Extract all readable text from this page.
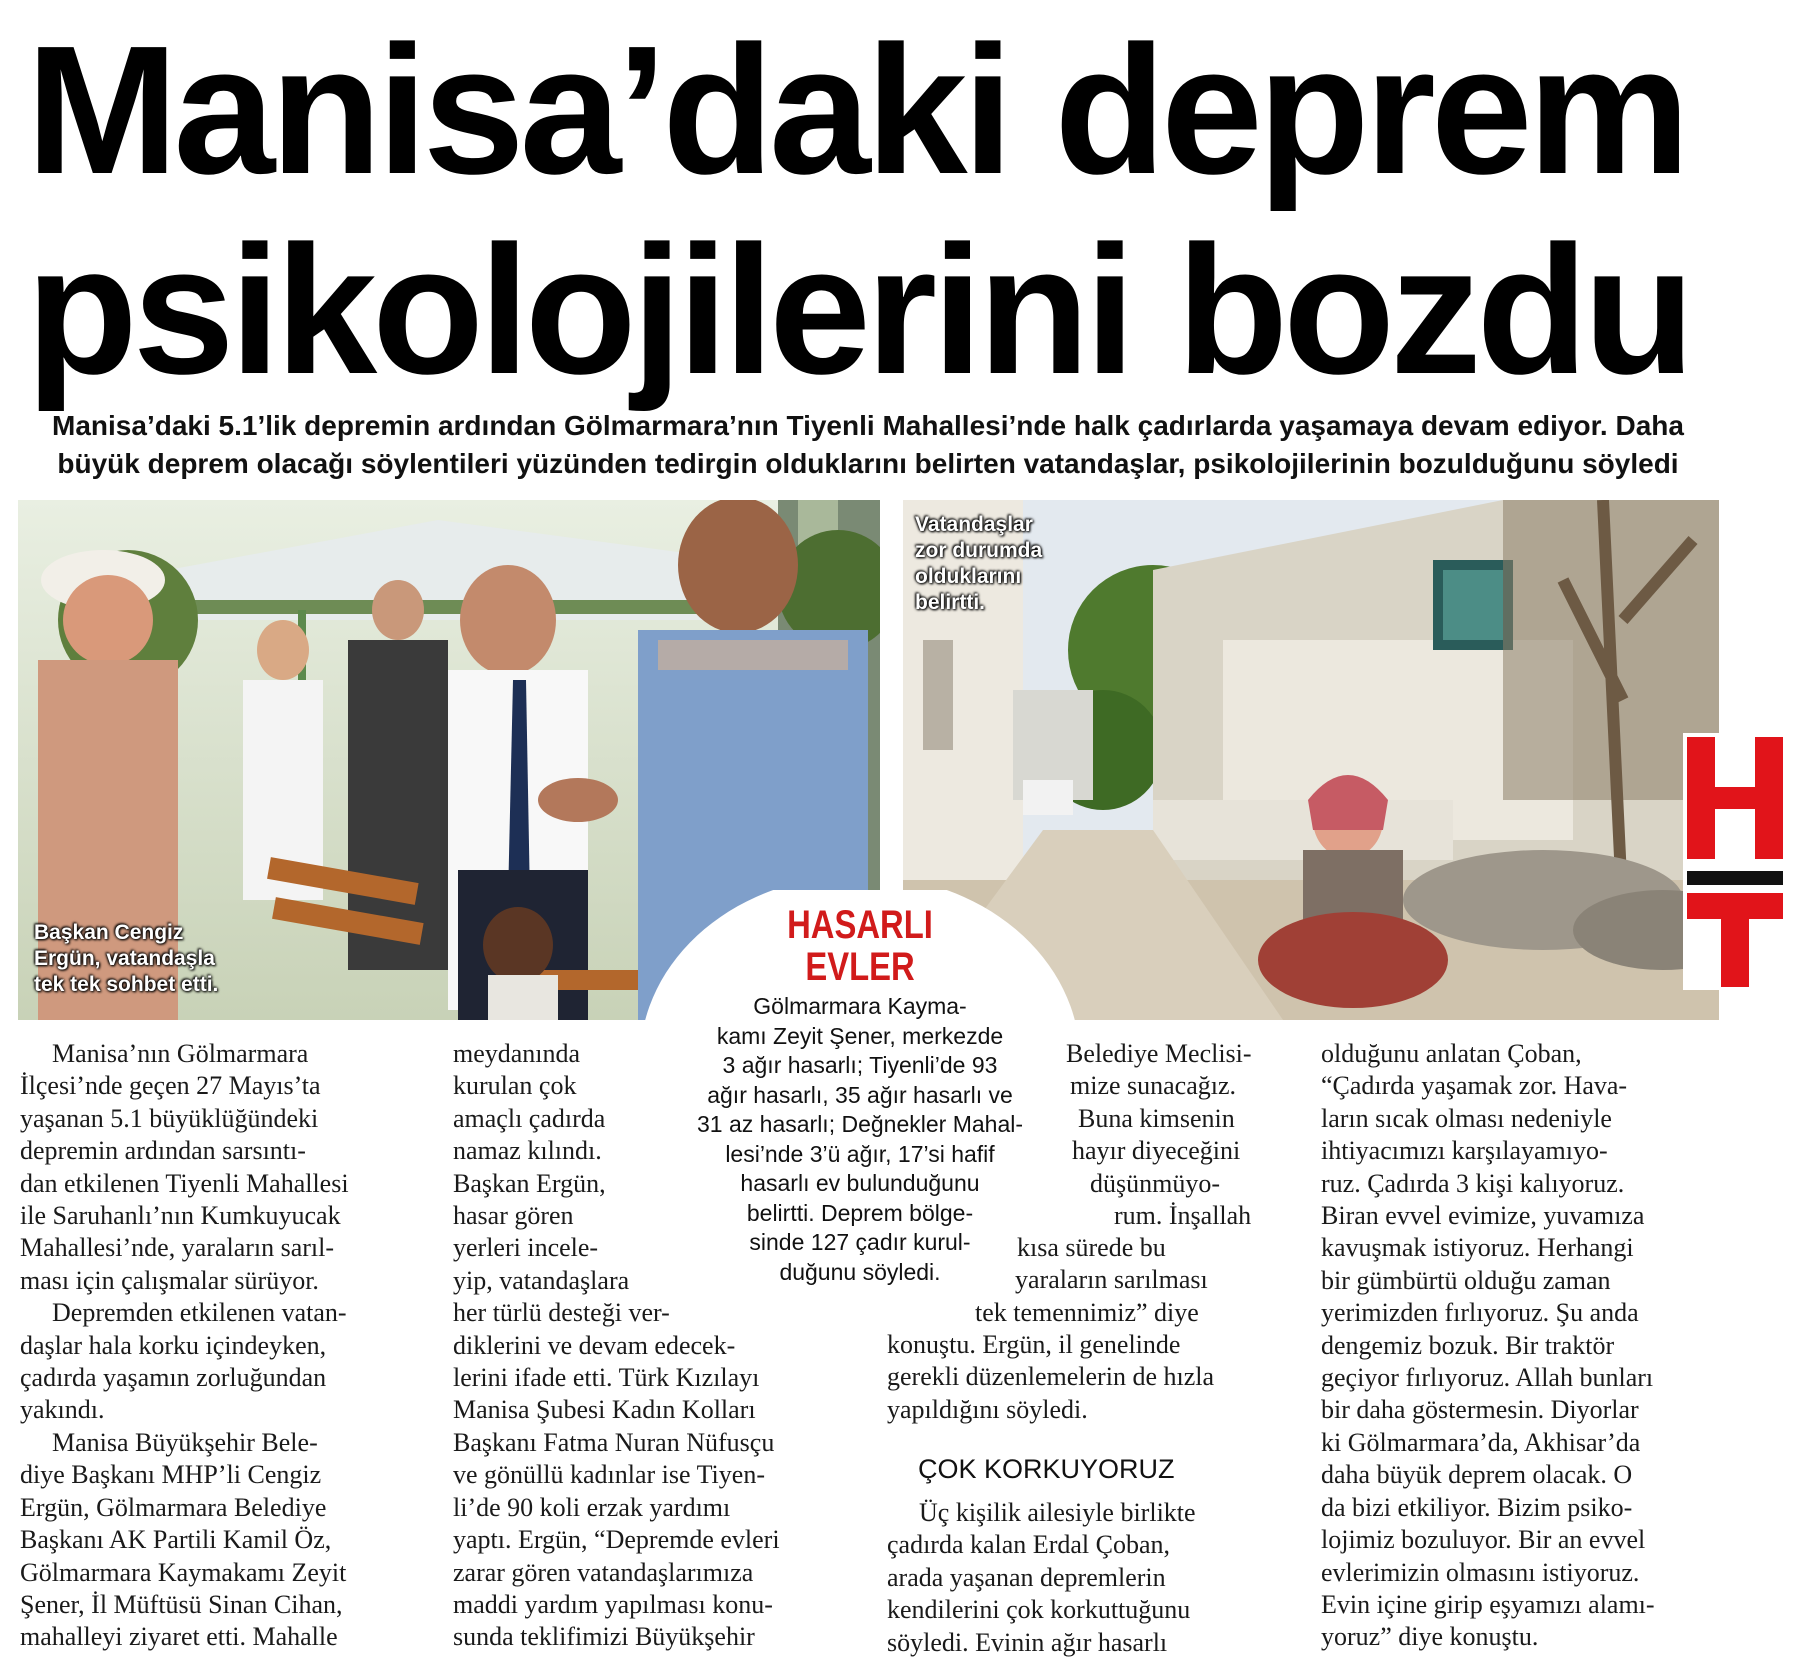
Manisa’daki deprem
psikolojilerini bozdu
Manisa’daki 5.1’lik depremin ardından Gölmarmara’nın Tiyenli Mahallesi’nde halk çadırlarda yaşamaya devam ediyor. Daha
büyük deprem olacağı söylentileri yüzünden tedirgin olduklarını belirten vatandaşlar, psikolojilerinin bozulduğunu söyledi
Başkan Cengiz
Ergün, vatandaşla
tek tek sohbet etti.
Vatandaşlar
zor durumda
olduklarını
belirtti.
HASARLI
EVLER
Gölmarmara Kayma-
kamı Zeyit Şener, merkezde
3 ağır hasarlı; Tiyenli’de 93
ağır hasarlı, 35 ağır hasarlı ve
31 az hasarlı; Değnekler Mahal-
lesi’nde 3’ü ağır, 17’si hafif
hasarlı ev bulunduğunu
belirtti. Deprem bölge-
sinde 127 çadır kurul-
duğunu söyledi.

Manisa’nın Gölmarmara

İlçesi’nde geçen 27 Mayıs’ta

yaşanan 5.1 büyüklüğündeki

depremin ardından sarsıntı-

dan etkilenen Tiyenli Mahallesi

ile Saruhanlı’nın Kumkuyucak

Mahallesi’nde, yaraların sarıl-

ması için çalışmalar sürüyor.

Depremden etkilenen vatan-

daşlar hala korku içindeyken,

çadırda yaşamın zorluğundan

yakındı.

Manisa Büyükşehir Bele-

diye Başkanı MHP’li Cengiz

Ergün, Gölmarmara Belediye

Başkanı AK Partili Kamil Öz,

Gölmarmara Kaymakamı Zeyit

Şener, İl Müftüsü Sinan Cihan,

mahalleyi ziyaret etti. Mahalle

meydanında

kurulan çok

amaçlı çadırda

namaz kılındı.

Başkan Ergün,

hasar gören

yerleri incele-

yip, vatandaşlara

her türlü desteği ver-

diklerini ve devam edecek-

lerini ifade etti. Türk Kızılayı

Manisa Şubesi Kadın Kolları

Başkanı Fatma Nuran Nüfusçu

ve gönüllü kadınlar ise Tiyen-

li’de 90 koli erzak yardımı

yaptı. Ergün, “Depremde evleri

zarar gören vatandaşlarımıza

maddi yardım yapılması konu-

sunda teklifimizi Büyükşehir

Belediye Meclisi-

mize sunacağız.

Buna kimsenin

hayır diyeceğini

düşünmüyo-

rum. İnşallah

kısa sürede bu

yaraların sarılması

tek temennimiz” diye

konuştu. Ergün, il genelinde

gerekli düzenlemelerin de hızla

yapıldığını söyledi.

ÇOK KORKUYORUZ

Üç kişilik ailesiyle birlikte

çadırda kalan Erdal Çoban,

arada yaşanan depremlerin

kendilerini çok korkuttuğunu

söyledi. Evinin ağır hasarlı

olduğunu anlatan Çoban,

“Çadırda yaşamak zor. Hava-

ların sıcak olması nedeniyle

ihtiyacımızı karşılayamıyo-

ruz. Çadırda 3 kişi kalıyoruz.

Biran evvel evimize, yuvamıza

kavuşmak istiyoruz. Herhangi

bir gümbürtü olduğu zaman

yerimizden fırlıyoruz. Şu anda

dengemiz bozuk. Bir traktör

geçiyor fırlıyoruz. Allah bunları

bir daha göstermesin. Diyorlar

ki Gölmarmara’da, Akhisar’da

daha büyük deprem olacak. O

da bizi etkiliyor. Bizim psiko-

lojimiz bozuluyor. Bir an evvel

evlerimizin olmasını istiyoruz.

Evin içine girip eşyamızı alamı-

yoruz” diye konuştu.
